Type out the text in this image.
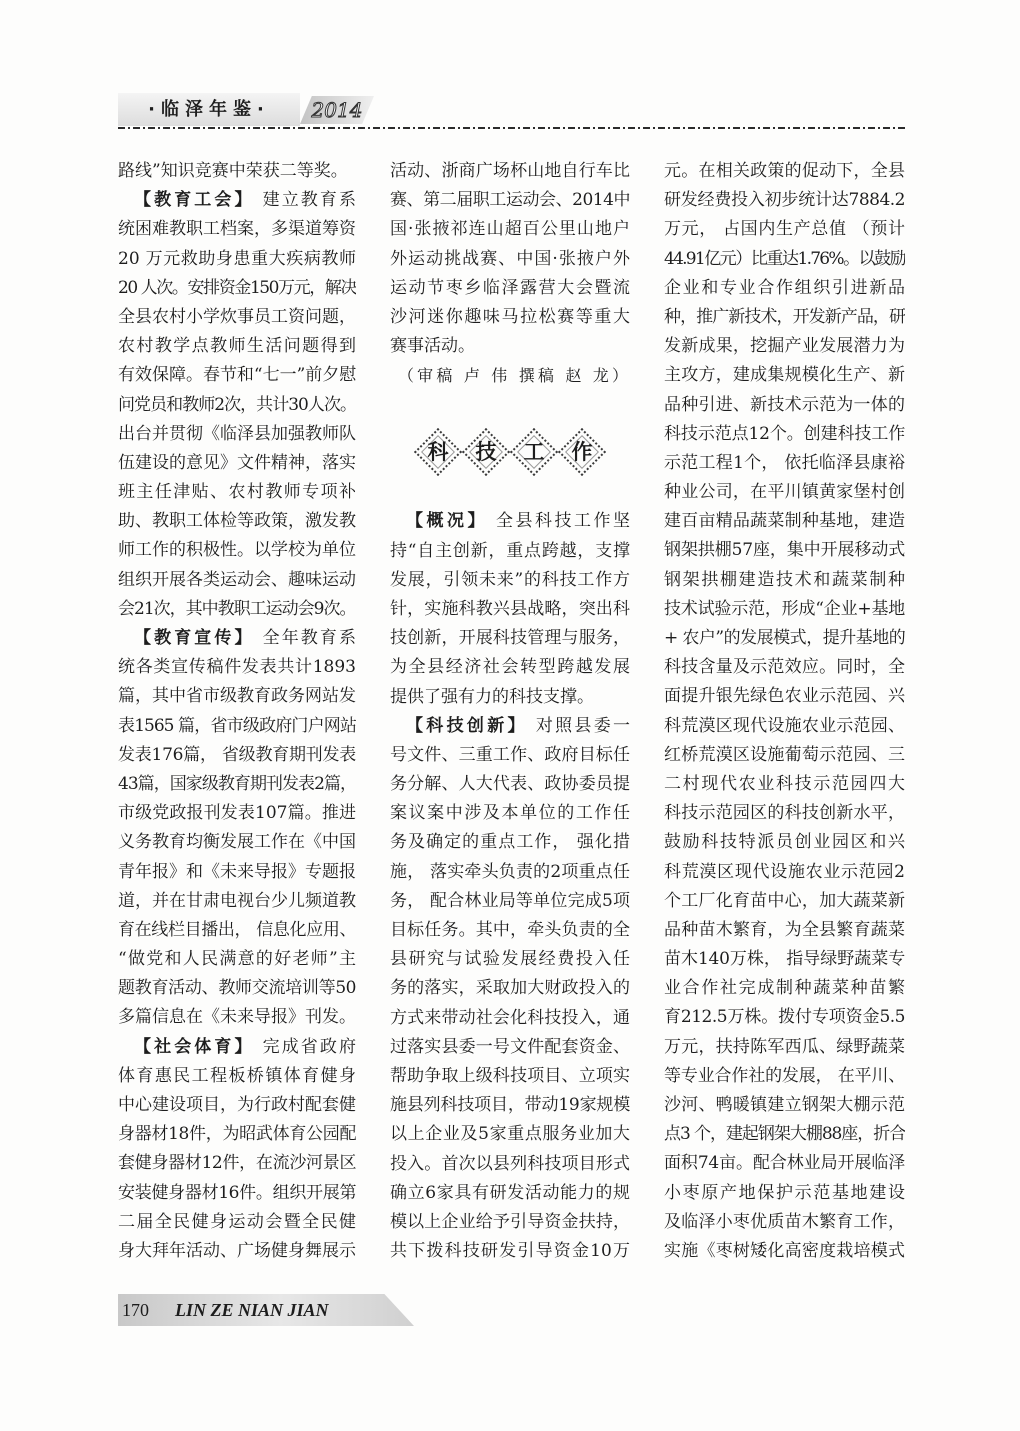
·临泽年鉴·	2014
路线”知识竞赛中荣获二等奖。
【教育工会】 建立教育系
统困难教职工档案，多渠道筹资
20 万元救助身患重大疾病教师
20 人次。安排资金150万元，解决
全县农村小学炊事员工资问题，
农村教学点教师生活问题得到
有效保障。春节和“七一”前夕慰
问党员和教师2次，共计30人次。
出台并贯彻《临泽县加强教师队
伍建设的意见》文件精神，落实
班主任津贴、农村教师专项补
助、教职工体检等政策，激发教
师工作的积极性。以学校为单位
组织开展各类运动会、趣味运动
会21次，其中教职工运动会9次。
【教育宣传】 全年教育系
统各类宣传稿件发表共计1893
篇，其中省市级教育政务网站发
表1565 篇，省市级政府门户网站
发表176篇， 省级教育期刊发表
43篇，国家级教育期刊发表2篇，
市级党政报刊发表107篇。推进
义务教育均衡发展工作在《中国
青年报》和《未来导报》专题报
道，并在甘肃电视台少儿频道教
育在线栏目播出， 信息化应用、
“做党和人民满意的好老师”主
题教育活动、教师交流培训等50
多篇信息在《未来导报》刊发。
【社会体育】 完成省政府
体育惠民工程板桥镇体育健身
中心建设项目，为行政村配套健
身器材18件，为昭武体育公园配
套健身器材12件，在流沙河景区
安装健身器材16件。组织开展第
二届全民健身运动会暨全民健
身大拜年活动、广场健身舞展示
活动、浙商广场杯山地自行车比
赛、第二届职工运动会、2014中
国·张掖祁连山超百公里山地户
外运动挑战赛、中国·张掖户外
运动节枣乡临泽露营大会暨流
沙河迷你趣味马拉松赛等重大
赛事活动。
（审稿 卢 伟 撰稿 赵 龙）
科 技 工 作
【概况】 全县科技工作坚
持“自主创新，重点跨越，支撑
发展，引领未来”的科技工作方
针，实施科教兴县战略，突出科
技创新，开展科技管理与服务，
为全县经济社会转型跨越发展
提供了强有力的科技支撑。
【科技创新】 对照县委一
号文件、三重工作、政府目标任
务分解、人大代表、政协委员提
案议案中涉及本单位的工作任
务及确定的重点工作， 强化措
施， 落实牵头负责的2项重点任
务， 配合林业局等单位完成5项
目标任务。其中，牵头负责的全
县研究与试验发展经费投入任
务的落实，采取加大财政投入的
方式来带动社会化科技投入，通
过落实县委一号文件配套资金、
帮助争取上级科技项目、立项实
施县列科技项目，带动19家规模
以上企业及5家重点服务业加大
投入。首次以县列科技项目形式
确立6家具有研发活动能力的规
模以上企业给予引导资金扶持，
共下拨科技研发引导资金10万
元。在相关政策的促动下，全县
研发经费投入初步统计达7884.2
万元， 占国内生产总值 （预计
44.91亿元）比重达1.76%。以鼓励
企业和专业合作组织引进新品
种，推广新技术，开发新产品，研
发新成果，挖掘产业发展潜力为
主攻方，建成集规模化生产、新
品种引进、新技术示范为一体的
科技示范点12个。创建科技工作
示范工程1个， 依托临泽县康裕
种业公司，在平川镇黄家堡村创
建百亩精品蔬菜制种基地，建造
钢架拱棚57座，集中开展移动式
钢架拱棚建造技术和蔬菜制种
技术试验示范，形成“企业+基地
+ 农户”的发展模式，提升基地的
科技含量及示范效应。同时，全
面提升银先绿色农业示范园、兴
科荒漠区现代设施农业示范园、
红桥荒漠区设施葡萄示范园、三
二村现代农业科技示范园四大
科技示范园区的科技创新水平，
鼓励科技特派员创业园区和兴
科荒漠区现代设施农业示范园2
个工厂化育苗中心，加大蔬菜新
品种苗木繁育，为全县繁育蔬菜
苗木140万株， 指导绿野蔬菜专
业合作社完成制种蔬菜种苗繁
育212.5万株。拨付专项资金5.5
万元，扶持陈军西瓜、绿野蔬菜
等专业合作社的发展， 在平川、
沙河、鸭暖镇建立钢架大棚示范
点3 个，建起钢架大棚88座，折合
面积74亩。配合林业局开展临泽
小枣原产地保护示范基地建设
及临泽小枣优质苗木繁育工作，
实施《枣树矮化高密度栽培模式
170 LIN ZE NIAN JIAN
